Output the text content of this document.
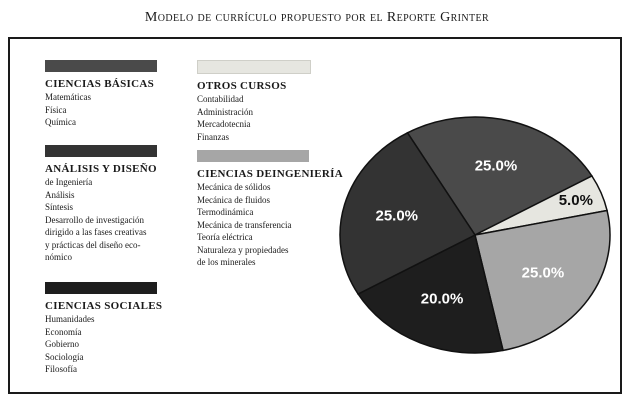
Modelo de currículo propuesto por el Reporte Grinter
CIENCIAS BÁSICAS
Matemáticas
Física
Química
ANÁLISIS Y DISEÑO
de Ingeniería
Análisis
Síntesis
Desarrollo de investigación
dirigido a las fases creativas
y prácticas del diseño eco-
nómico
CIENCIAS SOCIALES
Humanidades
Economía
Gobierno
Sociología
Filosofía
OTROS CURSOS
Contabilidad
Administración
Mercadotecnia
Finanzas
CIENCIAS DEINGENIERÍA
Mecánica de sólidos
Mecánica de fluidos
Termodinámica
Mecánica de transferencia
Teoría eléctrica
Naturaleza y propiedades
de los minerales
25.0%
5.0%
25.0%
20.0%
25.0%
